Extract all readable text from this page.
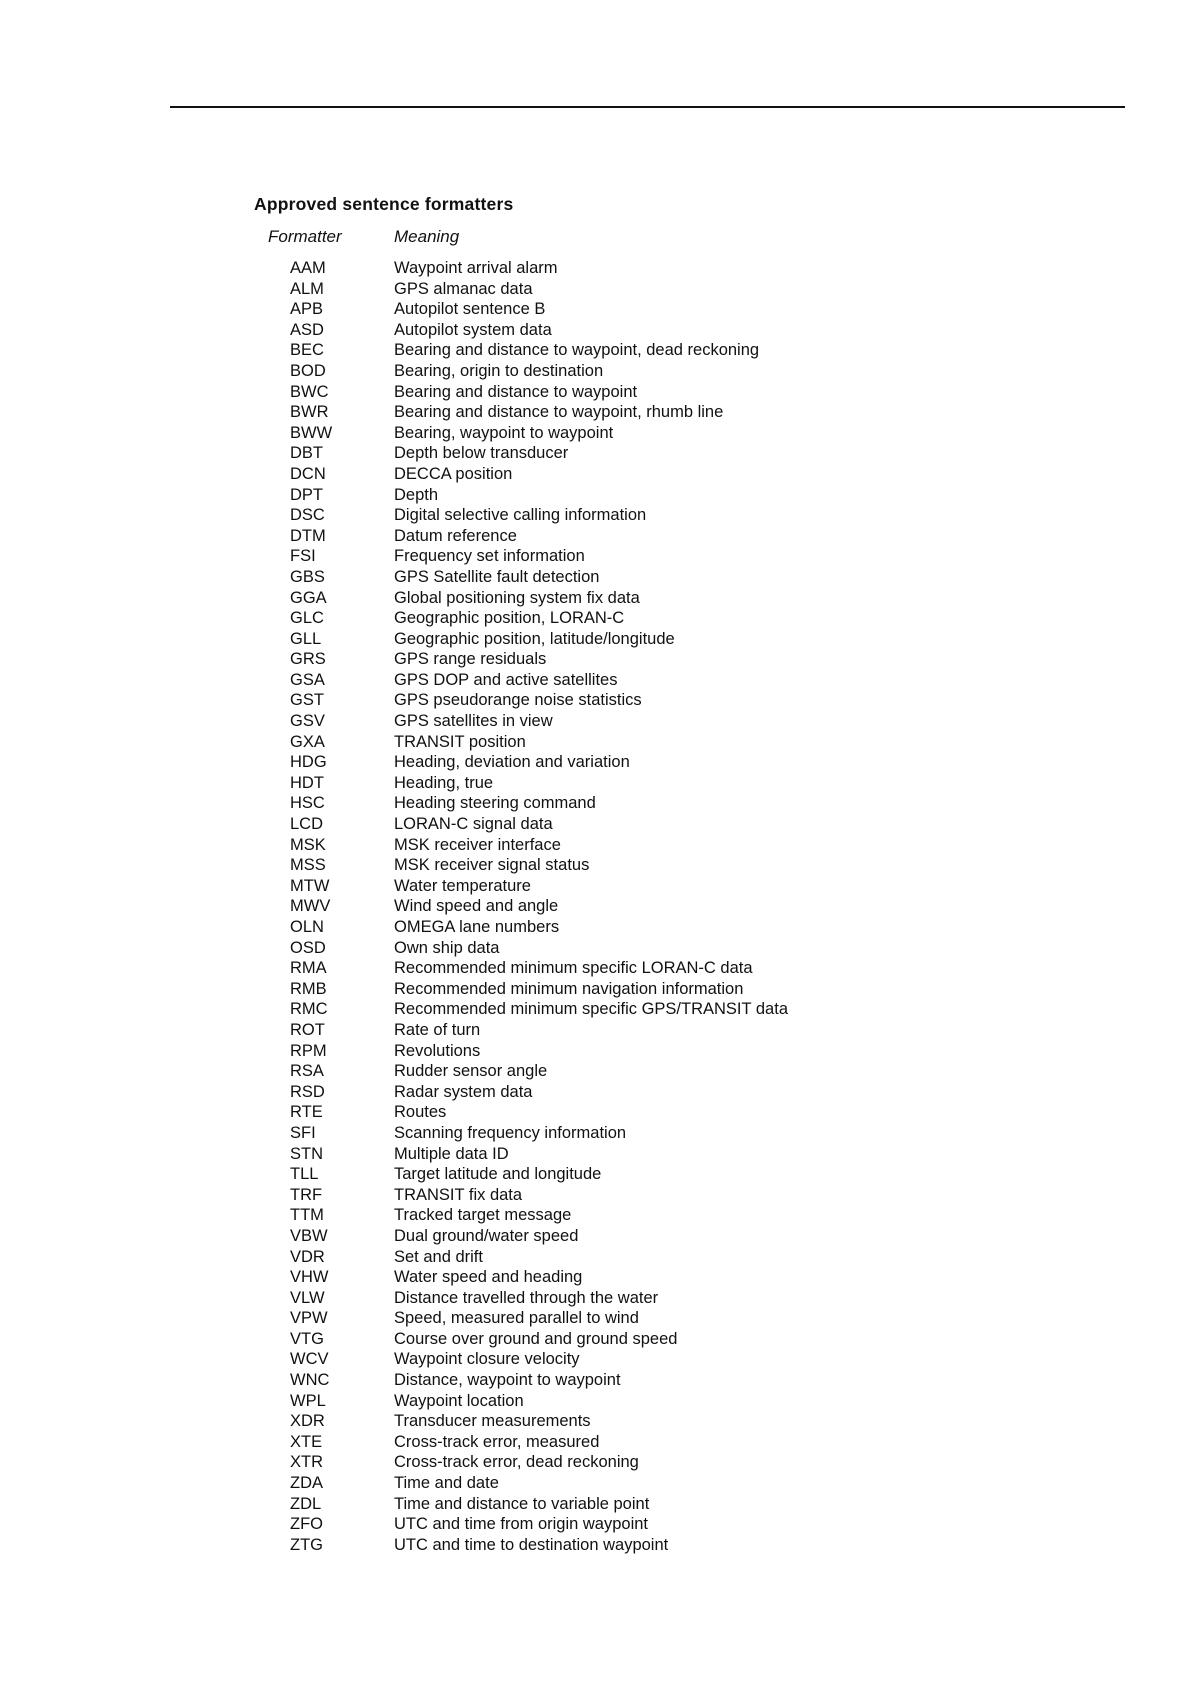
Approved sentence formatters
Formatter	Meaning
AAM	Waypoint arrival alarm
ALM	GPS almanac data
APB	Autopilot sentence B
ASD	Autopilot system data
BEC	Bearing and distance to waypoint, dead reckoning
BOD	Bearing, origin to destination
BWC	Bearing and distance to waypoint
BWR	Bearing and distance to waypoint, rhumb line
BWW	Bearing, waypoint to waypoint
DBT	Depth below transducer
DCN	DECCA position
DPT	Depth
DSC	Digital selective calling information
DTM	Datum reference
FSI	Frequency set information
GBS	GPS Satellite fault detection
GGA	Global positioning system fix data
GLC	Geographic position, LORAN-C
GLL	Geographic position, latitude/longitude
GRS	GPS range residuals
GSA	GPS DOP and active satellites
GST	GPS pseudorange noise statistics
GSV	GPS satellites in view
GXA	TRANSIT position
HDG	Heading, deviation and variation
HDT	Heading, true
HSC	Heading steering command
LCD	LORAN-C signal data
MSK	MSK receiver interface
MSS	MSK receiver signal status
MTW	Water temperature
MWV	Wind speed and angle
OLN	OMEGA lane numbers
OSD	Own ship data
RMA	Recommended minimum specific LORAN-C data
RMB	Recommended minimum navigation information
RMC	Recommended minimum specific GPS/TRANSIT data
ROT	Rate of turn
RPM	Revolutions
RSA	Rudder sensor angle
RSD	Radar system data
RTE	Routes
SFI	Scanning frequency information
STN	Multiple data ID
TLL	Target latitude and longitude
TRF	TRANSIT fix data
TTM	Tracked target message
VBW	Dual ground/water speed
VDR	Set and drift
VHW	Water speed and heading
VLW	Distance travelled through the water
VPW	Speed, measured parallel to wind
VTG	Course over ground and ground speed
WCV	Waypoint closure velocity
WNC	Distance, waypoint to waypoint
WPL	Waypoint location
XDR	Transducer measurements
XTE	Cross-track error, measured
XTR	Cross-track error, dead reckoning
ZDA	Time and date
ZDL	Time and distance to variable point
ZFO	UTC and time from origin waypoint
ZTG	UTC and time to destination waypoint
